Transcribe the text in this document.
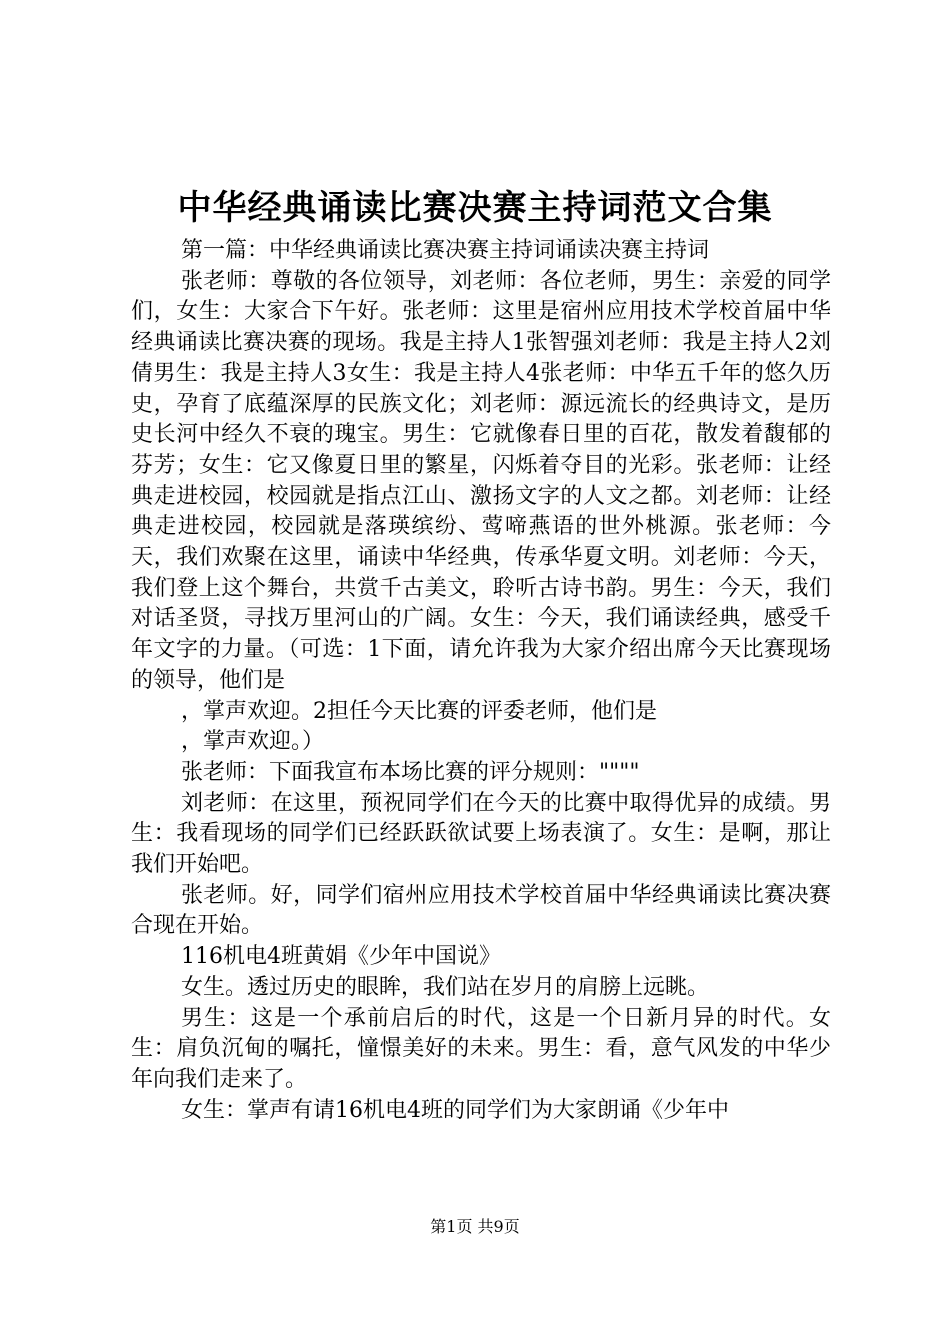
中华经典诵读比赛决赛主持词范文合集

第一篇：中华经典诵读比赛决赛主持词诵读决赛主持词

张老师：尊敬的各位领导，刘老师：各位老师，男生：亲爱的同学们，女生：大家合下午好。张老师：这里是宿州应用技术学校首届中华经典诵读比赛决赛的现场。我是主持人1张智强刘老师：我是主持人2刘倩男生：我是主持人3女生：我是主持人4张老师：中华五千年的悠久历史，孕育了底蕴深厚的民族文化；刘老师：源远流长的经典诗文，是历史长河中经久不衰的瑰宝。男生：它就像春日里的百花，散发着馥郁的芬芳；女生：它又像夏日里的繁星，闪烁着夺目的光彩。张老师：让经典走进校园，校园就是指点江山、激扬文字的人文之都。刘老师：让经典走进校园，校园就是落瑛缤纷、莺啼燕语的世外桃源。张老师：今天，我们欢聚在这里，诵读中华经典，传承华夏文明。刘老师：今天，我们登上这个舞台，共赏千古美文，聆听古诗书韵。男生：今天，我们对话圣贤，寻找万里河山的广阔。女生：今天，我们诵读经典，感受千年文字的力量。（可选：1下面，请允许我为大家介绍出席今天比赛现场的领导，他们是

，掌声欢迎。2担任今天比赛的评委老师，他们是

，掌声欢迎。）

张老师：下面我宣布本场比赛的评分规则：""""

刘老师：在这里，预祝同学们在今天的比赛中取得优异的成绩。男生：我看现场的同学们已经跃跃欲试要上场表演了。女生：是啊，那让我们开始吧。

张老师。好，同学们宿州应用技术学校首届中华经典诵读比赛决赛合现在开始。

116机电4班黄娟《少年中国说》

女生。透过历史的眼眸，我们站在岁月的肩膀上远眺。

男生：这是一个承前启后的时代，这是一个日新月异的时代。女生：肩负沉甸的嘱托，憧憬美好的未来。男生：看，意气风发的中华少年向我们走来了。

女生：掌声有请16机电4班的同学们为大家朗诵《少年中

第1页 共9页
